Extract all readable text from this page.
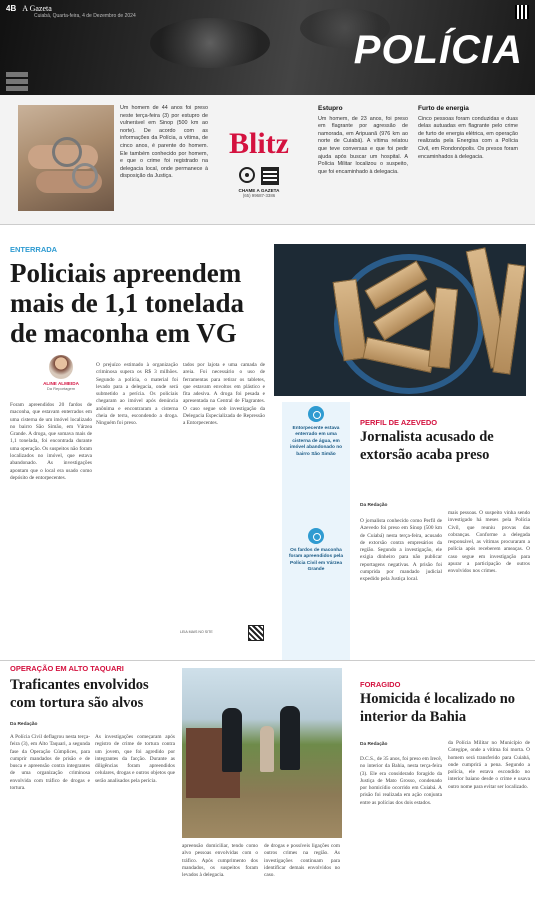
4B A Gazeta
Cuiabá, Quarta-feira, 4 de Dezembro de 2024
POLÍCIA

Um homem de 44 anos foi preso neste terça-feira (3) por estupro de vulnerável em Sinop (500 km ao norte). De acordo com as informações da Polícia, a vítima, de cinco anos, é parente do homem. Ele também conhecido por homem, e que o crime foi registrado na delegacia local, onde permanece à disposição da Justiça.

Blitz
CHAME A GAZETA
(65) 99687-3386
Estupro

Um homem, de 23 anos, foi preso em flagrante por agressão de namorada, em Aripuanã (976 km ao norte de Cuiabá). A vítima relatou que teve conversas e que foi pedir ajuda após buscar um hospital. A Polícia Militar localizou o suspeito, que foi encaminhado à delegacia.

Furto de energia

Cinco pessoas foram conduzidas e duas delas autuadas em flagrante pelo crime de furto de energia elétrica, em operação realizada pela Energisa com a Polícia Civil, em Rondonópolis. Os presos foram encaminhados à delegacia.

ENTERRADA
Policiais apreendem mais de 1,1 tonelada de maconha em VG
ALINE ALMEIDA
Da Reportagem

Foram apreendidos 20 fardos de maconha, que estavam enterrados em uma cisterna de um imóvel localizado no bairro São Simão, em Várzea Grande. A droga, que somava mais de 1,1 tonelada, foi encontrada durante uma operação. Os suspeitos não foram localizados no imóvel, que estava abandonado. As investigações apontam que o local era usado como depósito de entorpecentes.

O prejuízo estimado à organização criminosa supera os R$ 3 milhões. Segundo a polícia, o material foi levado para a delegacia, onde será submetido a perícia. Os policiais chegaram ao imóvel após denúncia anônima e encontraram a cisterna cheia de terra, escondendo a droga. Ninguém foi preso.

tados por lajota e uma camada de areia. Foi necessário o uso de ferramentas para retirar os tabletes, que estavam envoltos em plástico e fita adesiva. A droga foi pesada e apresentada na Central de Flagrantes. O caso segue sob investigação da Delegacia Especializada de Repressão a Entorpecentes.

LEIA MAIS NO SITE

Entorpecente estava enterrado em uma cisterna de água, em imóvel abandonado no bairro São Simão

Os fardos de maconha foram apreendidos pela Polícia Civil em Várzea Grande

PERFIL DE AZEVEDO
Jornalista acusado de extorsão acaba preso
Da Redação

O jornalista conhecido como Perfil de Azevedo foi preso em Sinop (500 km de Cuiabá) nesta terça-feira, acusado de extorsão contra empresários da região. Segundo a investigação, ele exigia dinheiro para não publicar reportagens negativas. A prisão foi cumprida por mandado judicial expedido pela Justiça local.

mais pessoas. O suspeito vinha sendo investigado há meses pela Polícia Civil, que reuniu provas das cobranças. Conforme a delegada responsável, as vítimas procuraram a polícia após receberem ameaças. O caso segue em investigação para apurar a participação de outros envolvidos nos crimes.

OPERAÇÃO EM ALTO TAQUARI
Traficantes envolvidos com tortura são alvos
Da Redação

A Polícia Civil deflagrou nesta terça-feira (3), em Alto Taquari, a segunda fase da Operação Cúmplices, para cumprir mandados de prisão e de busca e apreensão contra integrantes de uma organização criminosa envolvida com tráfico de drogas e tortura.

As investigações começaram após registro de crime de tortura contra um jovem, que foi agredido por integrantes da facção. Durante as diligências foram apreendidos celulares, drogas e outros objetos que serão analisados pela perícia.

apreensão domiciliar, tendo como alvo pessoas envolvidas com o tráfico. Após cumprimento dos mandados, os suspeitos foram levados à delegacia.

de drogas e possíveis ligações com outros crimes na região. As investigações continuam para identificar demais envolvidos no caso.

FORAGIDO
Homicida é localizado no interior da Bahia
Da Redação

D.C.S., de 35 anos, foi preso em Irecê, no interior da Bahia, nesta terça-feira (3). Ele era considerado foragido da Justiça de Mato Grosso, condenado por homicídio ocorrido em Cuiabá. A prisão foi realizada em ação conjunta entre as polícias dos dois estados.

da Polícia Militar no Município de Cotegipe, onde a vítima foi morta. O homem será transferido para Cuiabá, onde cumprirá a pena. Segundo a polícia, ele estava escondido no interior baiano desde o crime e usava outro nome para evitar ser localizado.
